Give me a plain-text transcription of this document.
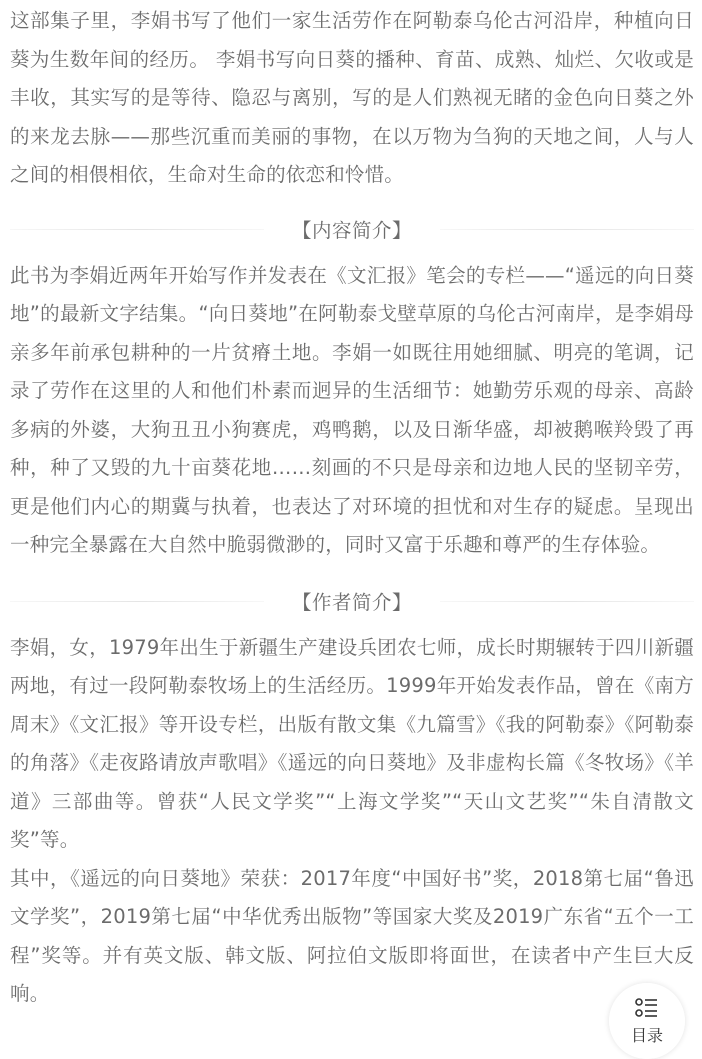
这部集子里，李娟书写了他们一家生活劳作在阿勒泰乌伦古河沿岸，种植向日葵为生数年间的经历。 李娟书写向日葵的播种、育苗、成熟、灿烂、欠收或是丰收，其实写的是等待、隐忍与离别，写的是人们熟视无睹的金色向日葵之外的来龙去脉——那些沉重而美丽的事物，在以万物为刍狗的天地之间，人与人之间的相偎相依，生命对生命的依恋和怜惜。

【内容简介】

此书为李娟近两年开始写作并发表在《文汇报》笔会的专栏——“遥远的向日葵地”的最新文字结集。“向日葵地”在阿勒泰戈壁草原的乌伦古河南岸，是李娟母亲多年前承包耕种的一片贫瘠土地。李娟一如既往用她细腻、明亮的笔调，记录了劳作在这里的人和他们朴素而迥异的生活细节：她勤劳乐观的母亲、高龄多病的外婆，大狗丑丑小狗赛虎，鸡鸭鹅，以及日渐华盛，却被鹅喉羚毁了再种，种了又毁的九十亩葵花地……刻画的不只是母亲和边地人民的坚韧辛劳，更是他们内心的期冀与执着，也表达了对环境的担忧和对生存的疑虑。呈现出一种完全暴露在大自然中脆弱微渺的，同时又富于乐趣和尊严的生存体验。

【作者简介】

李娟，女，1979年出生于新疆生产建设兵团农七师，成长时期辗转于四川新疆两地，有过一段阿勒泰牧场上的生活经历。1999年开始发表作品，曾在《南方周末》《文汇报》等开设专栏，出版有散文集《九篇雪》《我的阿勒泰》《阿勒泰的角落》《走夜路请放声歌唱》《遥远的向日葵地》及非虚构长篇《冬牧场》《羊道》三部曲等。曾获“人民文学奖”“上海文学奖”“天山文艺奖”“朱自清散文奖”等。

其中，《遥远的向日葵地》荣获：2017年度“中国好书”奖，2018第七届“鲁迅文学奖”，2019第七届“中华优秀出版物”等国家大奖及2019广东省“五个一工程”奖等。并有英文版、韩文版、阿拉伯文版即将面世，在读者中产生巨大反响。

目录
